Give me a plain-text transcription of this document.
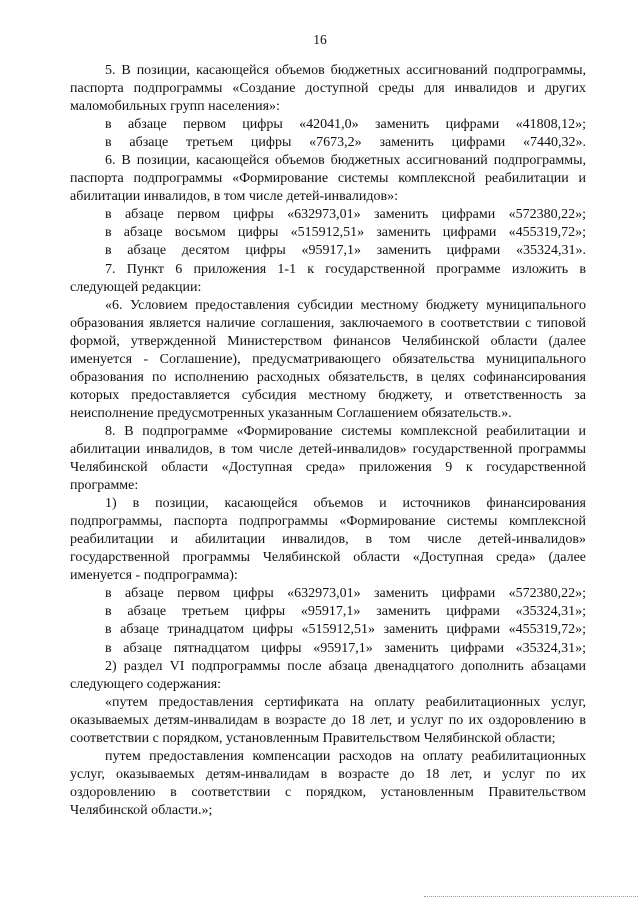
16

5. В позиции, касающейся объемов бюджетных ассигнований подпрограммы, паспорта подпрограммы «Создание доступной среды для инвалидов и других маломобильных групп населения»:

в абзаце первом цифры «42041,0» заменить цифрами «41808,12»;

в абзаце третьем цифры «7673,2» заменить цифрами «7440,32».

6. В позиции, касающейся объемов бюджетных ассигнований подпрограммы, паспорта подпрограммы «Формирование системы комплексной реабилитации и абилитации инвалидов, в том числе детей-инвалидов»:

в абзаце первом цифры «632973,01» заменить цифрами «572380,22»;

в абзаце восьмом цифры «515912,51» заменить цифрами «455319,72»;

в абзаце десятом цифры «95917,1» заменить цифрами «35324,31».

7. Пункт 6 приложения 1-1 к государственной программе изложить в следующей редакции:

«6. Условием предоставления субсидии местному бюджету муниципального образования является наличие соглашения, заключаемого в соответствии с типовой формой, утвержденной Министерством финансов Челябинской области (далее именуется - Соглашение), предусматривающего обязательства муниципального образования по исполнению расходных обязательств, в целях софинансирования которых предоставляется субсидия местному бюджету, и ответственность за неисполнение предусмотренных указанным Соглашением обязательств.».

8. В подпрограмме «Формирование системы комплексной реабилитации и абилитации инвалидов, в том числе детей-инвалидов» государственной программы Челябинской области «Доступная среда» приложения 9 к государственной программе:

1) в позиции, касающейся объемов и источников финансирования подпрограммы, паспорта подпрограммы «Формирование системы комплексной реабилитации и абилитации инвалидов, в том числе детей-инвалидов» государственной программы Челябинской области «Доступная среда» (далее именуется - подпрограмма):

в абзаце первом цифры «632973,01» заменить цифрами «572380,22»;

в абзаце третьем цифры «95917,1» заменить цифрами «35324,31»;

в абзаце тринадцатом цифры «515912,51» заменить цифрами «455319,72»;

в абзаце пятнадцатом цифры «95917,1» заменить цифрами «35324,31»;

2) раздел VI подпрограммы после абзаца двенадцатого дополнить абзацами следующего содержания:

«путем предоставления сертификата на оплату реабилитационных услуг, оказываемых детям-инвалидам в возрасте до 18 лет, и услуг по их оздоровлению в соответствии с порядком, установленным Правительством Челябинской области;

путем предоставления компенсации расходов на оплату реабилитационных услуг, оказываемых детям-инвалидам в возрасте до 18 лет, и услуг по их оздоровлению в соответствии с порядком, установленным Правительством Челябинской области.»;
